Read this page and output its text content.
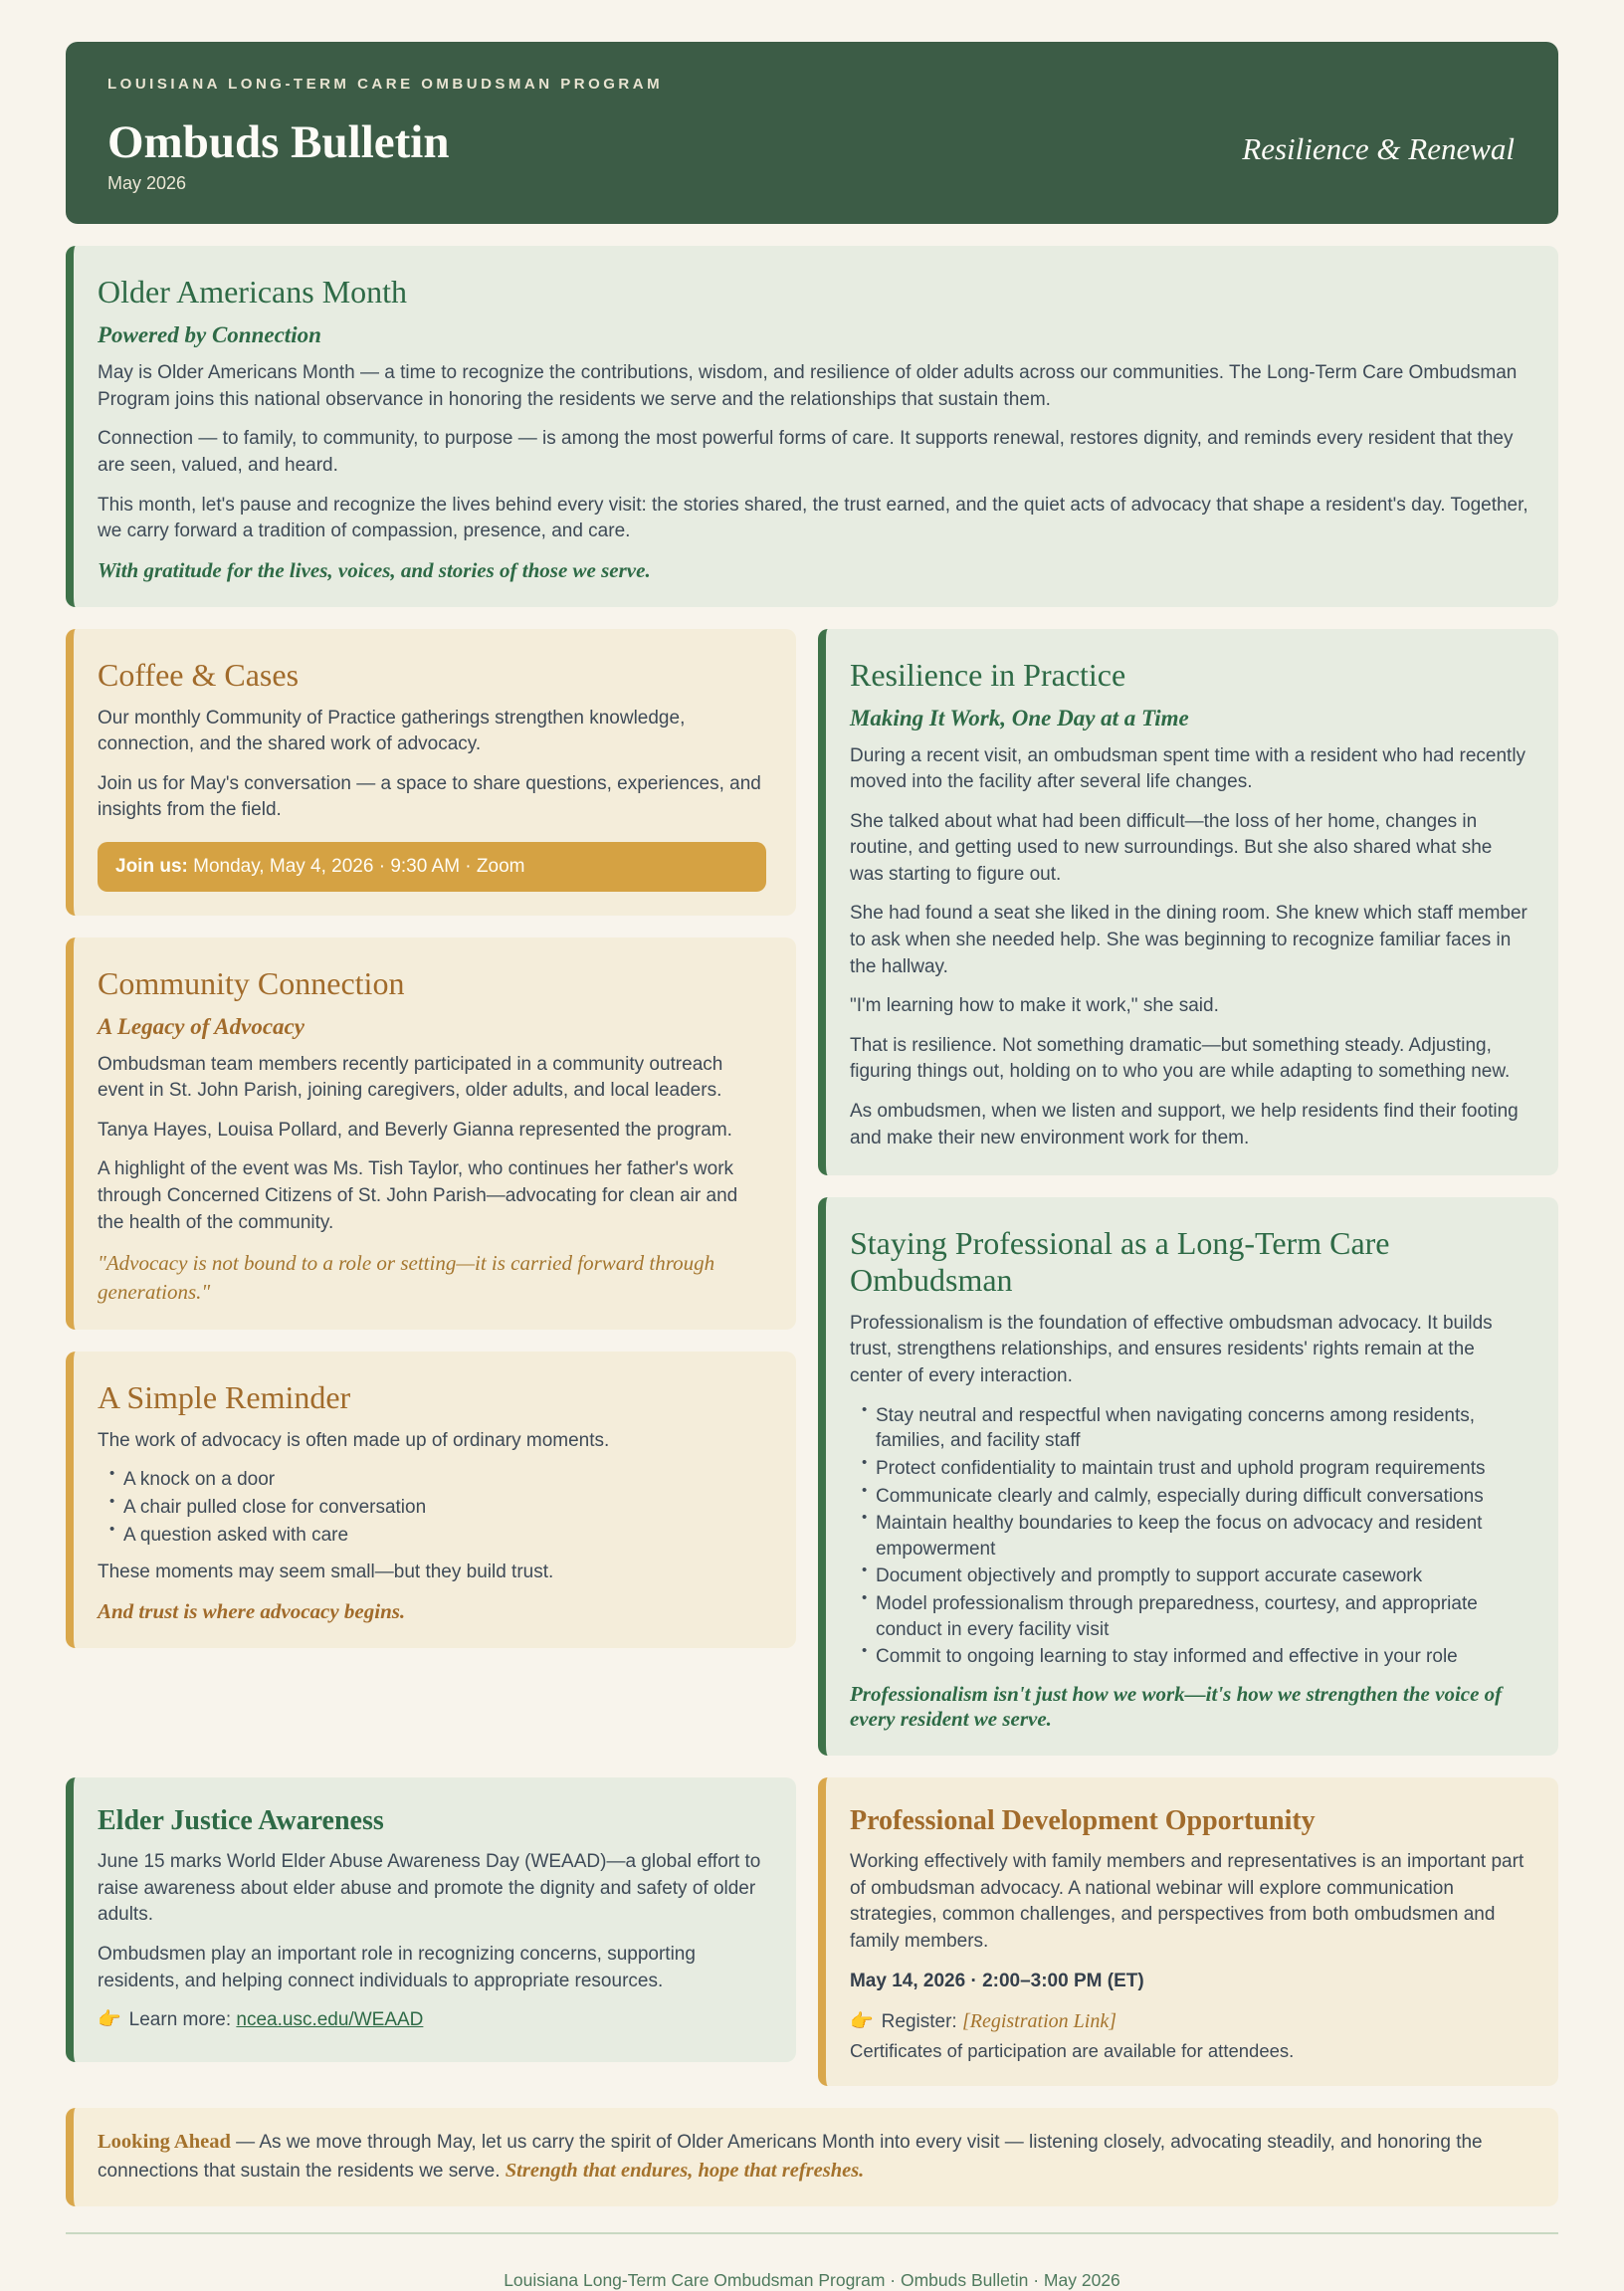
LOUISIANA LONG-TERM CARE OMBUDSMAN PROGRAM
Ombuds Bulletin
May 2026
Resilience & Renewal
Older Americans Month
Powered by Connection

May is Older Americans Month — a time to recognize the contributions, wisdom, and resilience of older adults across our communities. The Long-Term Care Ombudsman Program joins this national observance in honoring the residents we serve and the relationships that sustain them.

Connection — to family, to community, to purpose — is among the most powerful forms of care. It supports renewal, restores dignity, and reminds every resident that they are seen, valued, and heard.

This month, let's pause and recognize the lives behind every visit: the stories shared, the trust earned, and the quiet acts of advocacy that shape a resident's day. Together, we carry forward a tradition of compassion, presence, and care.

With gratitude for the lives, voices, and stories of those we serve.
Coffee & Cases

Our monthly Community of Practice gatherings strengthen knowledge, connection, and the shared work of advocacy.

Join us for May's conversation — a space to share questions, experiences, and insights from the field.

Join us: Monday, May 4, 2026 · 9:30 AM · Zoom
Community Connection
A Legacy of Advocacy

Ombudsman team members recently participated in a community outreach event in St. John Parish, joining caregivers, older adults, and local leaders.

Tanya Hayes, Louisa Pollard, and Beverly Gianna represented the program.

A highlight of the event was Ms. Tish Taylor, who continues her father's work through Concerned Citizens of St. John Parish—advocating for clean air and the health of the community.

"Advocacy is not bound to a role or setting—it is carried forward through generations."
A Simple Reminder

The work of advocacy is often made up of ordinary moments.

• A knock on a door
• A chair pulled close for conversation
• A question asked with care

These moments may seem small—but they build trust.

And trust is where advocacy begins.
Resilience in Practice
Making It Work, One Day at a Time

During a recent visit, an ombudsman spent time with a resident who had recently moved into the facility after several life changes.

She talked about what had been difficult—the loss of her home, changes in routine, and getting used to new surroundings. But she also shared what she was starting to figure out.

She had found a seat she liked in the dining room. She knew which staff member to ask when she needed help. She was beginning to recognize familiar faces in the hallway.

"I'm learning how to make it work," she said.

That is resilience. Not something dramatic—but something steady. Adjusting, figuring things out, holding on to who you are while adapting to something new.

As ombudsmen, when we listen and support, we help residents find their footing and make their new environment work for them.

Staying Professional as a Long-Term Care Ombudsman

Professionalism is the foundation of effective ombudsman advocacy. It builds trust, strengthens relationships, and ensures residents' rights remain at the center of every interaction.

• Stay neutral and respectful when navigating concerns among residents, families, and facility staff
• Protect confidentiality to maintain trust and uphold program requirements
• Communicate clearly and calmly, especially during difficult conversations
• Maintain healthy boundaries to keep the focus on advocacy and resident empowerment
• Document objectively and promptly to support accurate casework
• Model professionalism through preparedness, courtesy, and appropriate conduct in every facility visit
• Commit to ongoing learning to stay informed and effective in your role
Professionalism isn't just how we work—it's how we strengthen the voice of every resident we serve.
Elder Justice Awareness

June 15 marks World Elder Abuse Awareness Day (WEAAD)—a global effort to raise awareness about elder abuse and promote the dignity and safety of older adults.

Ombudsmen play an important role in recognizing concerns, supporting residents, and helping connect individuals to appropriate resources.

👉 Learn more: ncea.usc.edu/WEAAD
Professional Development Opportunity

Working effectively with family members and representatives is an important part of ombudsman advocacy. A national webinar will explore communication strategies, common challenges, and perspectives from both ombudsmen and family members.

May 14, 2026 · 2:00–3:00 PM (ET)

👉 Register: [Registration Link]
Certificates of participation are available for attendees.
Looking Ahead — As we move through May, let us carry the spirit of Older Americans Month into every visit — listening closely, advocating steadily, and honoring the connections that sustain the residents we serve. Strength that endures, hope that refreshes.
Louisiana Long-Term Care Ombudsman Program · Ombuds Bulletin · May 2026
